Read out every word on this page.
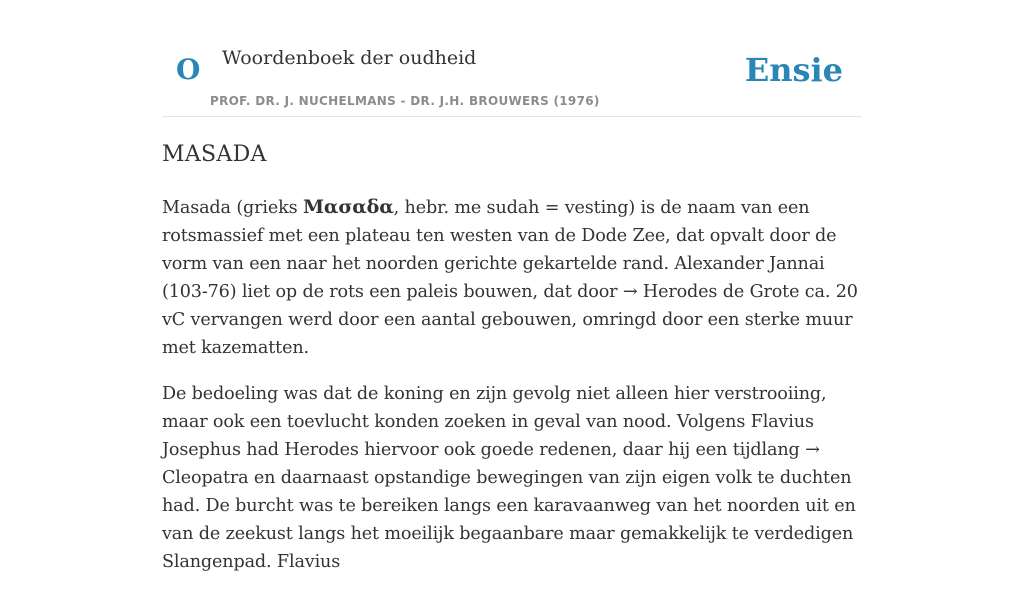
O Woordenboek der oudheid
PROF. DR. J. NUCHELMANS - DR. J.H. BROUWERS (1976)
Ensie
MASADA

Masada (grieks Μασαδα, hebr. me sudah = vesting) is de naam van een rotsmassief met een plateau ten westen van de Dode Zee, dat opvalt door de vorm van een naar het noorden gerichte gekartelde rand. Alexander Jannai (103-76) liet op de rots een paleis bouwen, dat door → Herodes de Grote ca. 20 vC vervangen werd door een aantal gebouwen, omringd door een sterke muur met kazematten.

De bedoeling was dat de koning en zijn gevolg niet alleen hier verstrooiing, maar ook een toevlucht konden zoeken in geval van nood. Volgens Flavius Josephus had Herodes hiervoor ook goede redenen, daar hij een tijdlang → Cleopatra en daarnaast opstandige bewegingen van zijn eigen volk te duchten had. De burcht was te bereiken langs een karavaanweg van het noorden uit en van de zeekust langs het moeilijk begaanbare maar gemakkelijk te verdedigen Slangenpad. Flavius
